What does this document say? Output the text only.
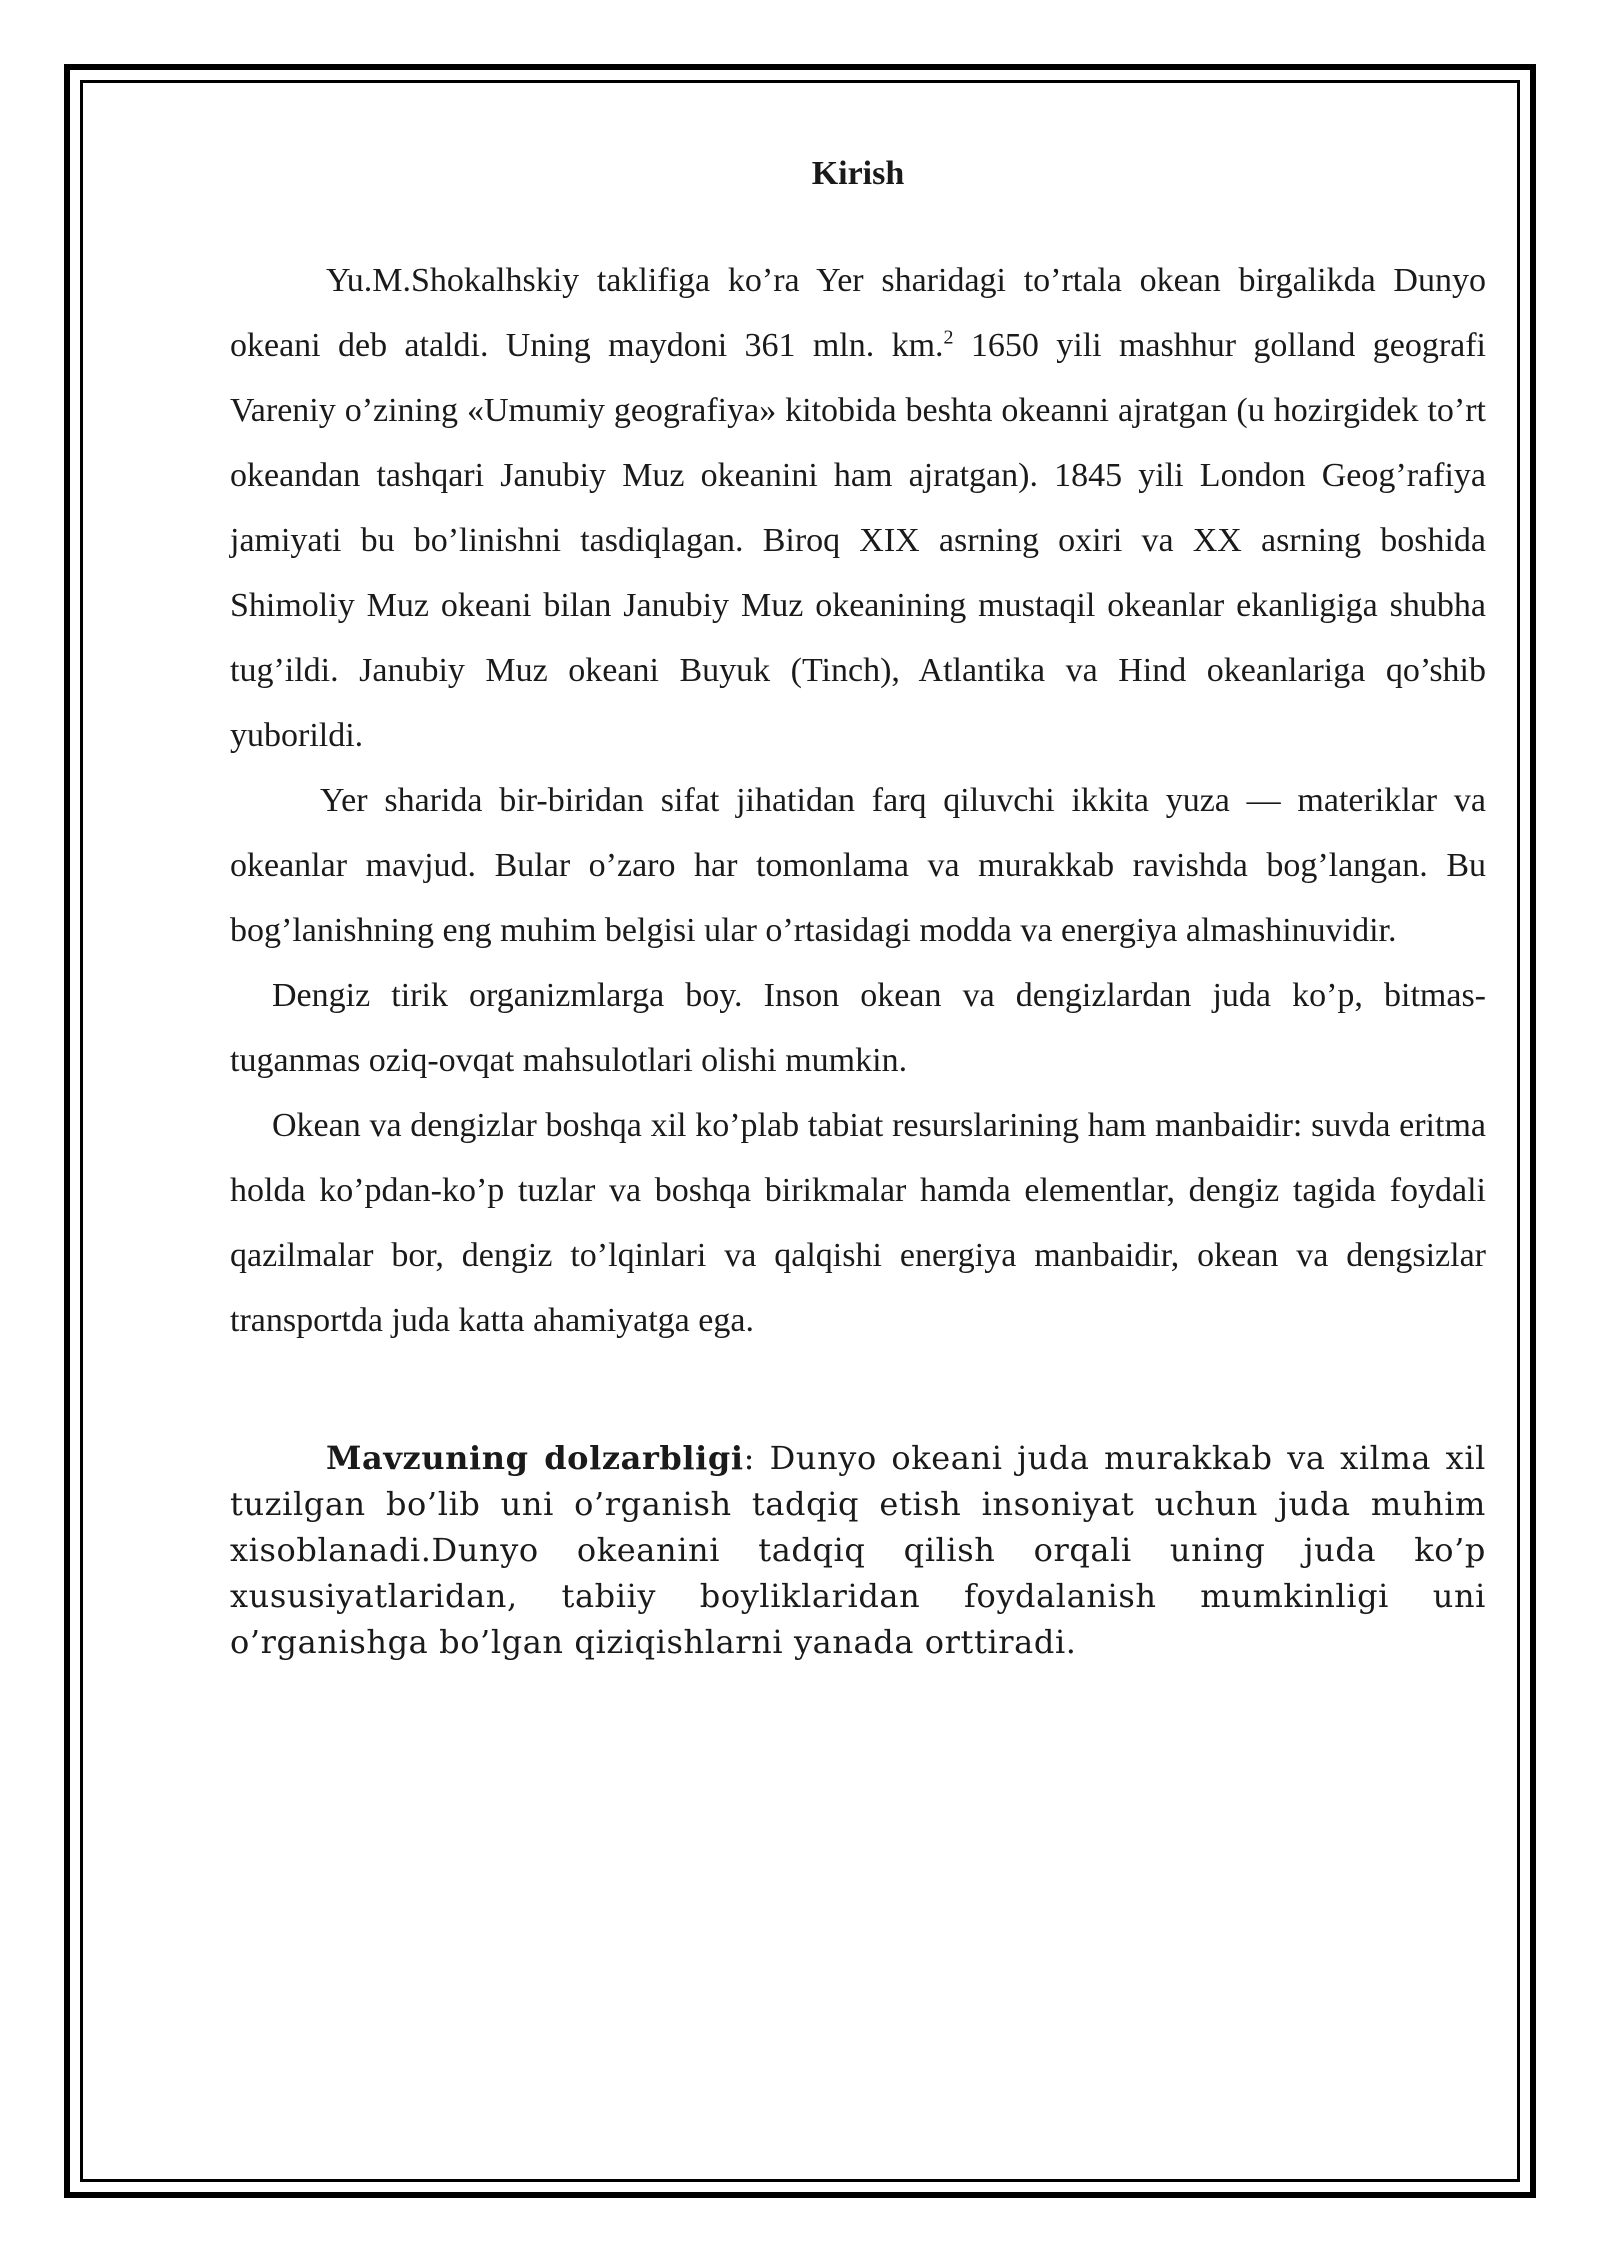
Kirish

Yu.M.Shokalhskiy taklifiga ko’ra Yer sharidagi to’rtala okean birgalikda Dunyo okeani deb ataldi. Uning maydoni 361 mln. km.$^2$ 1650 yili mashhur golland geografi Vareniy o’zining «Umumiy geografiya» kitobida beshta okeanni ajratgan (u hozirgidek to’rt okeandan tashqari Janubiy Muz okeanini ham ajratgan). 1845 yili London Geog’rafiya jamiyati bu bo’linishni tasdiqlagan. Biroq XIX asrning oxiri va XX asrning boshida Shimoliy Muz okeani bilan Janubiy Muz okeanining mustaqil okeanlar ekanligiga shubha tug’ildi. Janubiy Muz okeani Buyuk (Tinch), Atlantika va Hind okeanlariga qo’shib yuborildi.

Yer sharida bir-biridan sifat jihatidan farq qiluvchi ikkita yuza — materiklar va okeanlar mavjud. Bular o’zaro har tomonlama va murakkab ravishda bog’langan. Bu bog’lanishning eng muhim belgisi ular o’rtasidagi modda va energiya almashinuvidir.

Dengiz tirik organizmlarga boy. Inson okean va dengizlardan juda ko’p, bitmas-tuganmas oziq-ovqat mahsulotlari olishi mumkin.

Okean va dengizlar boshqa xil ko’plab tabiat resurslarining ham manbaidir: suvda eritma holda ko’pdan-ko’p tuzlar va boshqa birikmalar hamda elementlar, dengiz tagida foydali qazilmalar bor, dengiz to’lqinlari va qalqishi energiya manbaidir, okean va dengsizlar transportda juda katta ahamiyatga ega.

Mavzuning dolzarbligi: Dunyo okeani juda murakkab va xilma xil tuzilgan bo’lib uni o’rganish tadqiq etish insoniyat uchun juda muhim xisoblanadi.Dunyo okeanini tadqiq qilish orqali uning juda ko’p xususiyatlaridan, tabiiy boyliklaridan foydalanish mumkinligi uni o’rganishga bo’lgan qiziqishlarni yanada orttiradi.
